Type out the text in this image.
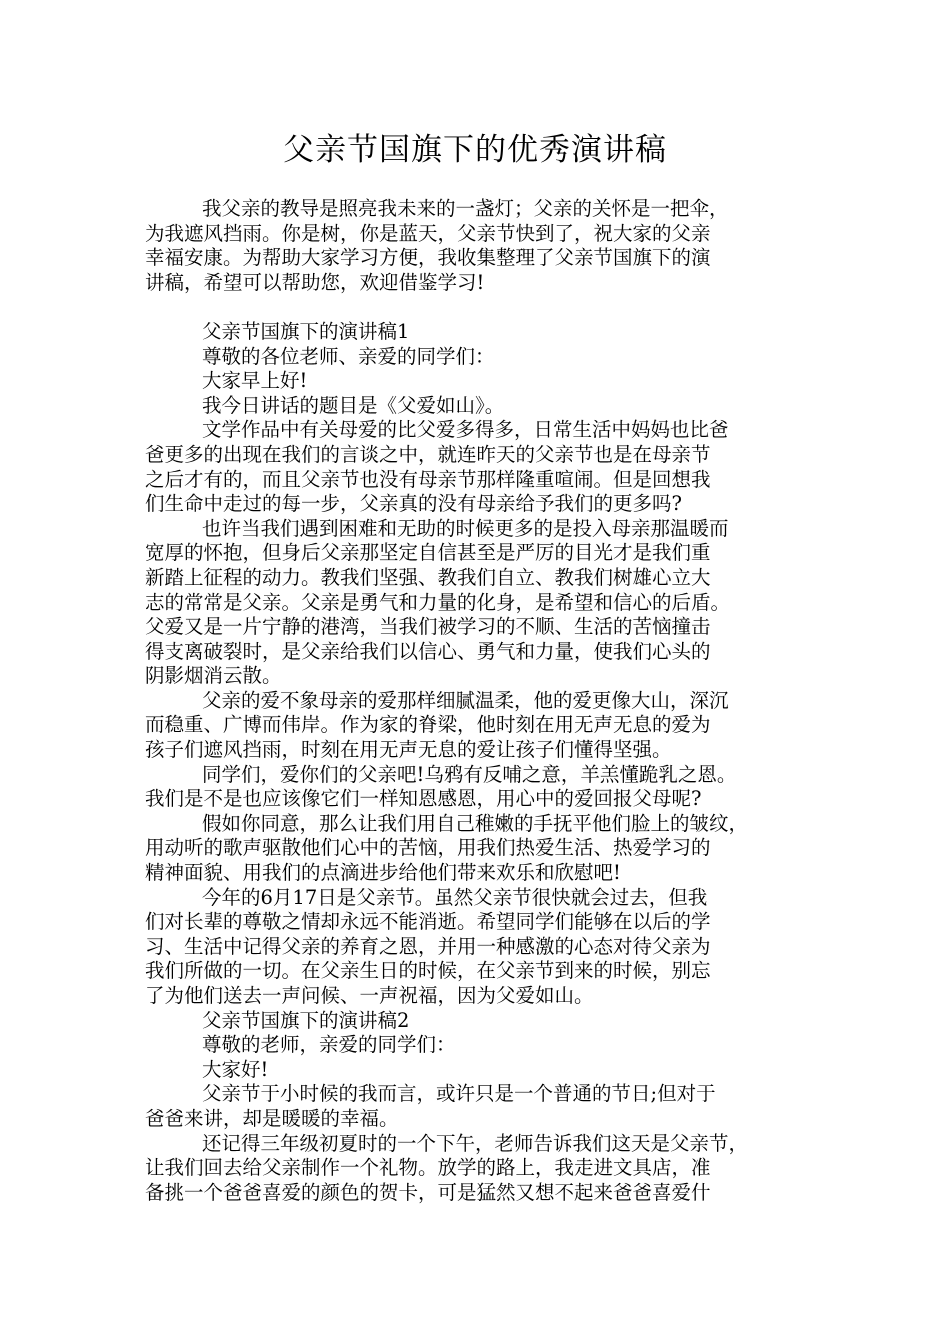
父亲节国旗下的优秀演讲稿
我父亲的教导是照亮我未来的一盏灯；父亲的关怀是一把伞，
为我遮风挡雨。你是树，你是蓝天，父亲节快到了，祝大家的父亲
幸福安康。为帮助大家学习方便，我收集整理了父亲节国旗下的演
讲稿，希望可以帮助您，欢迎借鉴学习!
父亲节国旗下的演讲稿1
尊敬的各位老师、亲爱的同学们：
大家早上好!
我今日讲话的题目是《父爱如山》。
文学作品中有关母爱的比父爱多得多，日常生活中妈妈也比爸
爸更多的出现在我们的言谈之中，就连昨天的父亲节也是在母亲节
之后才有的，而且父亲节也没有母亲节那样隆重喧闹。但是回想我
们生命中走过的每一步，父亲真的没有母亲给予我们的更多吗?
也许当我们遇到困难和无助的时候更多的是投入母亲那温暖而
宽厚的怀抱，但身后父亲那坚定自信甚至是严厉的目光才是我们重
新踏上征程的动力。教我们坚强、教我们自立、教我们树雄心立大
志的常常是父亲。父亲是勇气和力量的化身，是希望和信心的后盾。
父爱又是一片宁静的港湾，当我们被学习的不顺、生活的苦恼撞击
得支离破裂时，是父亲给我们以信心、勇气和力量，使我们心头的
阴影烟消云散。
父亲的爱不象母亲的爱那样细腻温柔，他的爱更像大山，深沉
而稳重、广博而伟岸。作为家的脊梁，他时刻在用无声无息的爱为
孩子们遮风挡雨，时刻在用无声无息的爱让孩子们懂得坚强。
同学们，爱你们的父亲吧!乌鸦有反哺之意，羊羔懂跪乳之恩。
我们是不是也应该像它们一样知恩感恩，用心中的爱回报父母呢?
假如你同意，那么让我们用自己稚嫩的手抚平他们脸上的皱纹，
用动听的歌声驱散他们心中的苦恼，用我们热爱生活、热爱学习的
精神面貌、用我们的点滴进步给他们带来欢乐和欣慰吧!
今年的6月17日是父亲节。虽然父亲节很快就会过去，但我
们对长辈的尊敬之情却永远不能消逝。希望同学们能够在以后的学
习、生活中记得父亲的养育之恩，并用一种感激的心态对待父亲为
我们所做的一切。在父亲生日的时候，在父亲节到来的时候，别忘
了为他们送去一声问候、一声祝福，因为父爱如山。
父亲节国旗下的演讲稿2
尊敬的老师，亲爱的同学们：
大家好!
父亲节于小时候的我而言，或许只是一个普通的节日;但对于
爸爸来讲，却是暖暖的幸福。
还记得三年级初夏时的一个下午，老师告诉我们这天是父亲节，
让我们回去给父亲制作一个礼物。放学的路上，我走进文具店，准
备挑一个爸爸喜爱的颜色的贺卡，可是猛然又想不起来爸爸喜爱什
